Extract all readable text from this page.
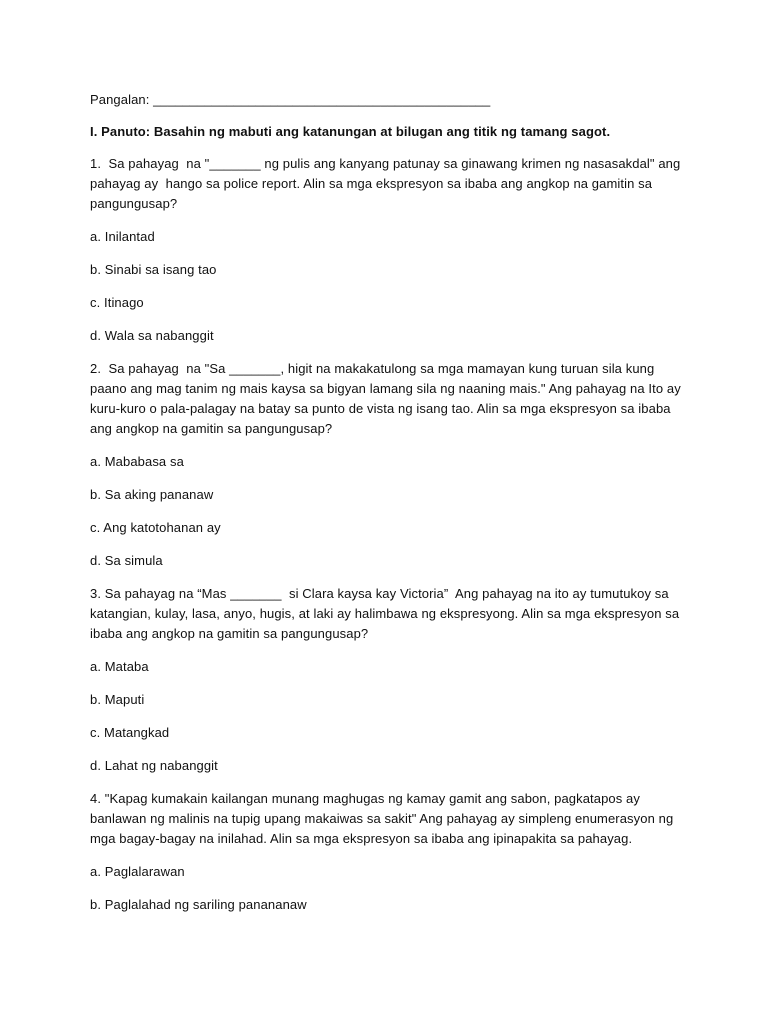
Pangalan: ______________________________________________

I. Panuto: Basahin ng mabuti ang katanungan at bilugan ang titik ng tamang sagot.

1.  Sa pahayag  na "_______ ng pulis ang kanyang patunay sa ginawang krimen ng nasasakdal" ang pahayag ay  hango sa police report. Alin sa mga ekspresyon sa ibaba ang angkop na gamitin sa pangungusap?

a. Inilantad

b. Sinabi sa isang tao

c. Itinago

d. Wala sa nabanggit

2.  Sa pahayag  na "Sa _______, higit na makakatulong sa mga mamayan kung turuan sila kung paano ang mag tanim ng mais kaysa sa bigyan lamang sila ng naaning mais." Ang pahayag na Ito ay kuru-kuro o pala-palagay na batay sa punto de vista ng isang tao. Alin sa mga ekspresyon sa ibaba ang angkop na gamitin sa pangungusap?

a. Mababasa sa

b. Sa aking pananaw

c. Ang katotohanan ay

d. Sa simula

3. Sa pahayag na “Mas _______  si Clara kaysa kay Victoria”  Ang pahayag na ito ay tumutukoy sa katangian, kulay, lasa, anyo, hugis, at laki ay halimbawa ng ekspresyong. Alin sa mga ekspresyon sa ibaba ang angkop na gamitin sa pangungusap?

a. Mataba

b. Maputi

c. Matangkad

d. Lahat ng nabanggit

4. "Kapag kumakain kailangan munang maghugas ng kamay gamit ang sabon, pagkatapos ay banlawan ng malinis na tupig upang makaiwas sa sakit" Ang pahayag ay simpleng enumerasyon ng mga bagay-bagay na inilahad. Alin sa mga ekspresyon sa ibaba ang ipinapakita sa pahayag.

a. Paglalarawan

b. Paglalahad ng sariling panananaw
